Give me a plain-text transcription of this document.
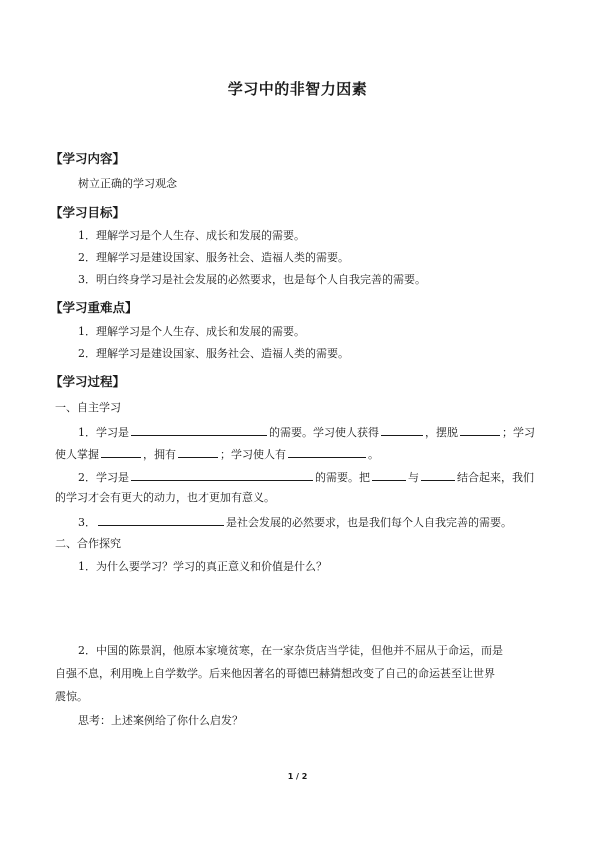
学习中的非智力因素
【学习内容】
树立正确的学习观念
【学习目标】
1．理解学习是个人生存、成长和发展的需要。
2．理解学习是建设国家、服务社会、造福人类的需要。
3．明白终身学习是社会发展的必然要求，也是每个人自我完善的需要。
【学习重难点】
1．理解学习是个人生存、成长和发展的需要。
2．理解学习是建设国家、服务社会、造福人类的需要。
【学习过程】
一、自主学习
1．学习是	的需要。学习使人获得	，摆脱	；学习
使人掌握	，拥有	；学习使人有	。
2．学习是	的需要。把	与	结合起来，我们
的学习才会有更大的动力，也才更加有意义。
3．	是社会发展的必然要求，也是我们每个人自我完善的需要。
二、合作探究
1．为什么要学习？学习的真正意义和价值是什么？
2．中国的陈景润，他原本家境贫寒，在一家杂货店当学徒，但他并不屈从于命运，而是
自强不息，利用晚上自学数学。后来他因著名的哥德巴赫猜想改变了自己的命运甚至让世界
震惊。
思考：上述案例给了你什么启发？
1 / 2
